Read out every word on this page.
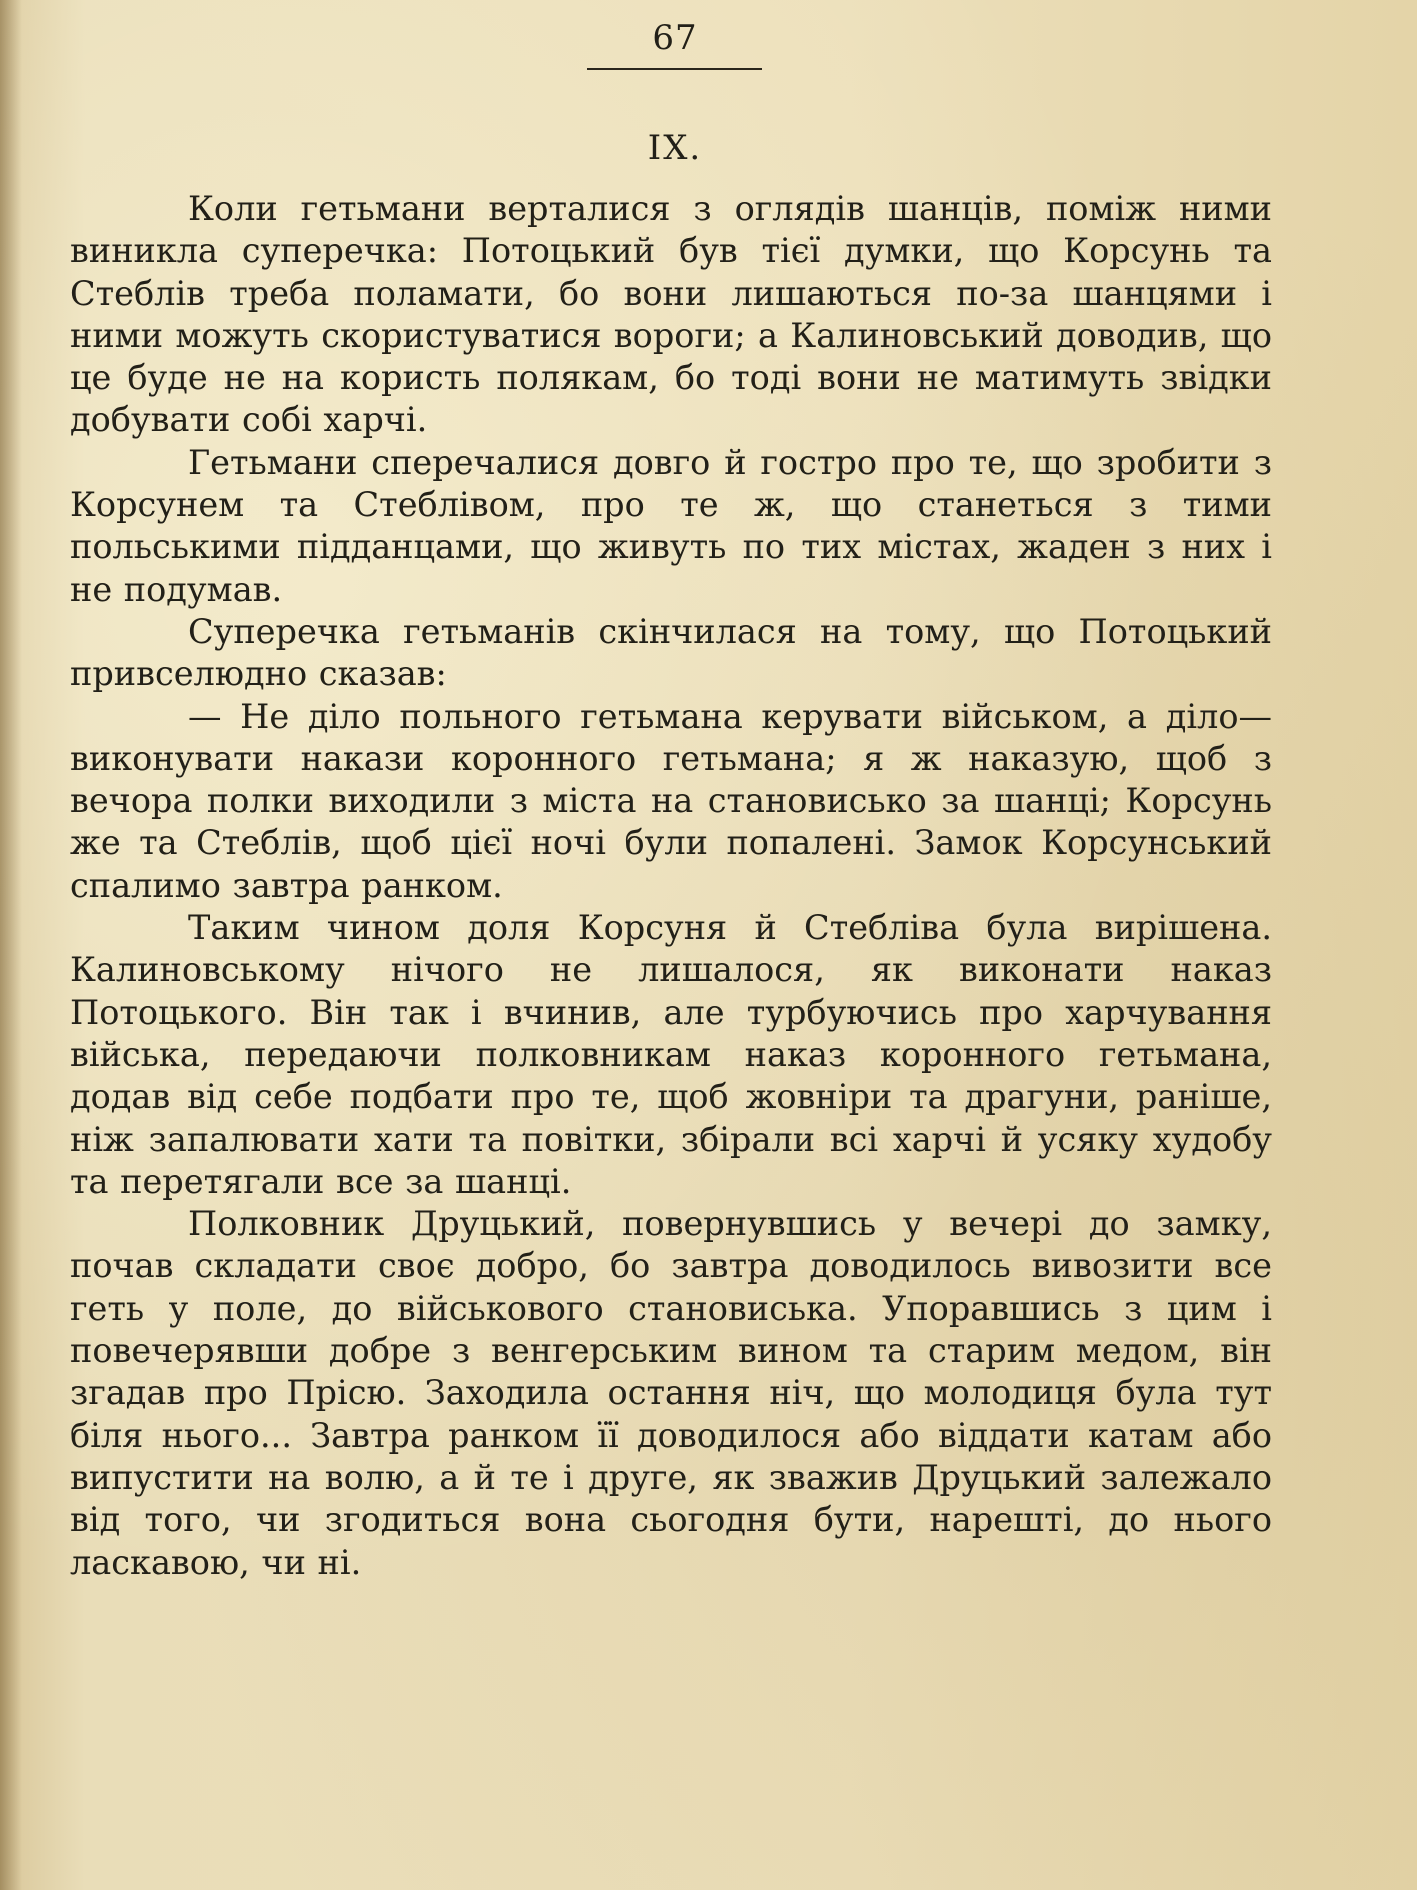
67
IX.

Коли гетьмани верталися з оглядів шанців, поміж ними виникла суперечка: Потоцький був тієї думки, що Корсунь та Стеблів треба поламати, бо вони лишаються по-за шанцями і ними можуть скористуватися вороги; а Калиновський доводив, що це буде не на користь полякам, бо тоді вони не матимуть звідки добувати собі харчі.

Гетьмани сперечалися довго й гостро про те, що зробити з Корсунем та Стеблівом, про те ж, що станеться з тими польськими підданцами, що живуть по тих містах, жаден з них і не подумав.

Суперечка гетьманів скінчилася на тому, що Потоцький привселюдно сказав:

— Не діло польного гетьмана керувати військом, а діло—виконувати накази коронного гетьмана; я ж наказую, щоб з вечора полки виходили з міста на становисько за шанці; Корсунь же та Стеблів, щоб цієї ночі були попалені. Замок Корсунський спалимо завтра ранком.

Таким чином доля Корсуня й Стебліва була вирішена. Калиновському нічого не лишалося, як виконати наказ Потоцького. Він так і вчинив, але турбуючись про харчування війська, передаючи полковникам наказ коронного гетьмана, додав від себе подбати про те, щоб жовніри та драгуни, раніше, ніж запалювати хати та повітки, збірали всі харчі й усяку худобу та перетягали все за шанці.

Полковник Друцький, повернувшись у вечері до замку, почав складати своє добро, бо завтра доводилось вивозити все геть у поле, до військового становиська. Упоравшись з цим і повечерявши добре з венгерським вином та старим медом, він згадав про Прісю. Заходила остання ніч, що молодиця була тут біля нього... Завтра ранком її доводилося або віддати катам або випустити на волю, а й те і друге, як зважив Друцький залежало від того, чи згодиться вона сьогодня бути, нарешті, до нього ласкавою, чи ні.
